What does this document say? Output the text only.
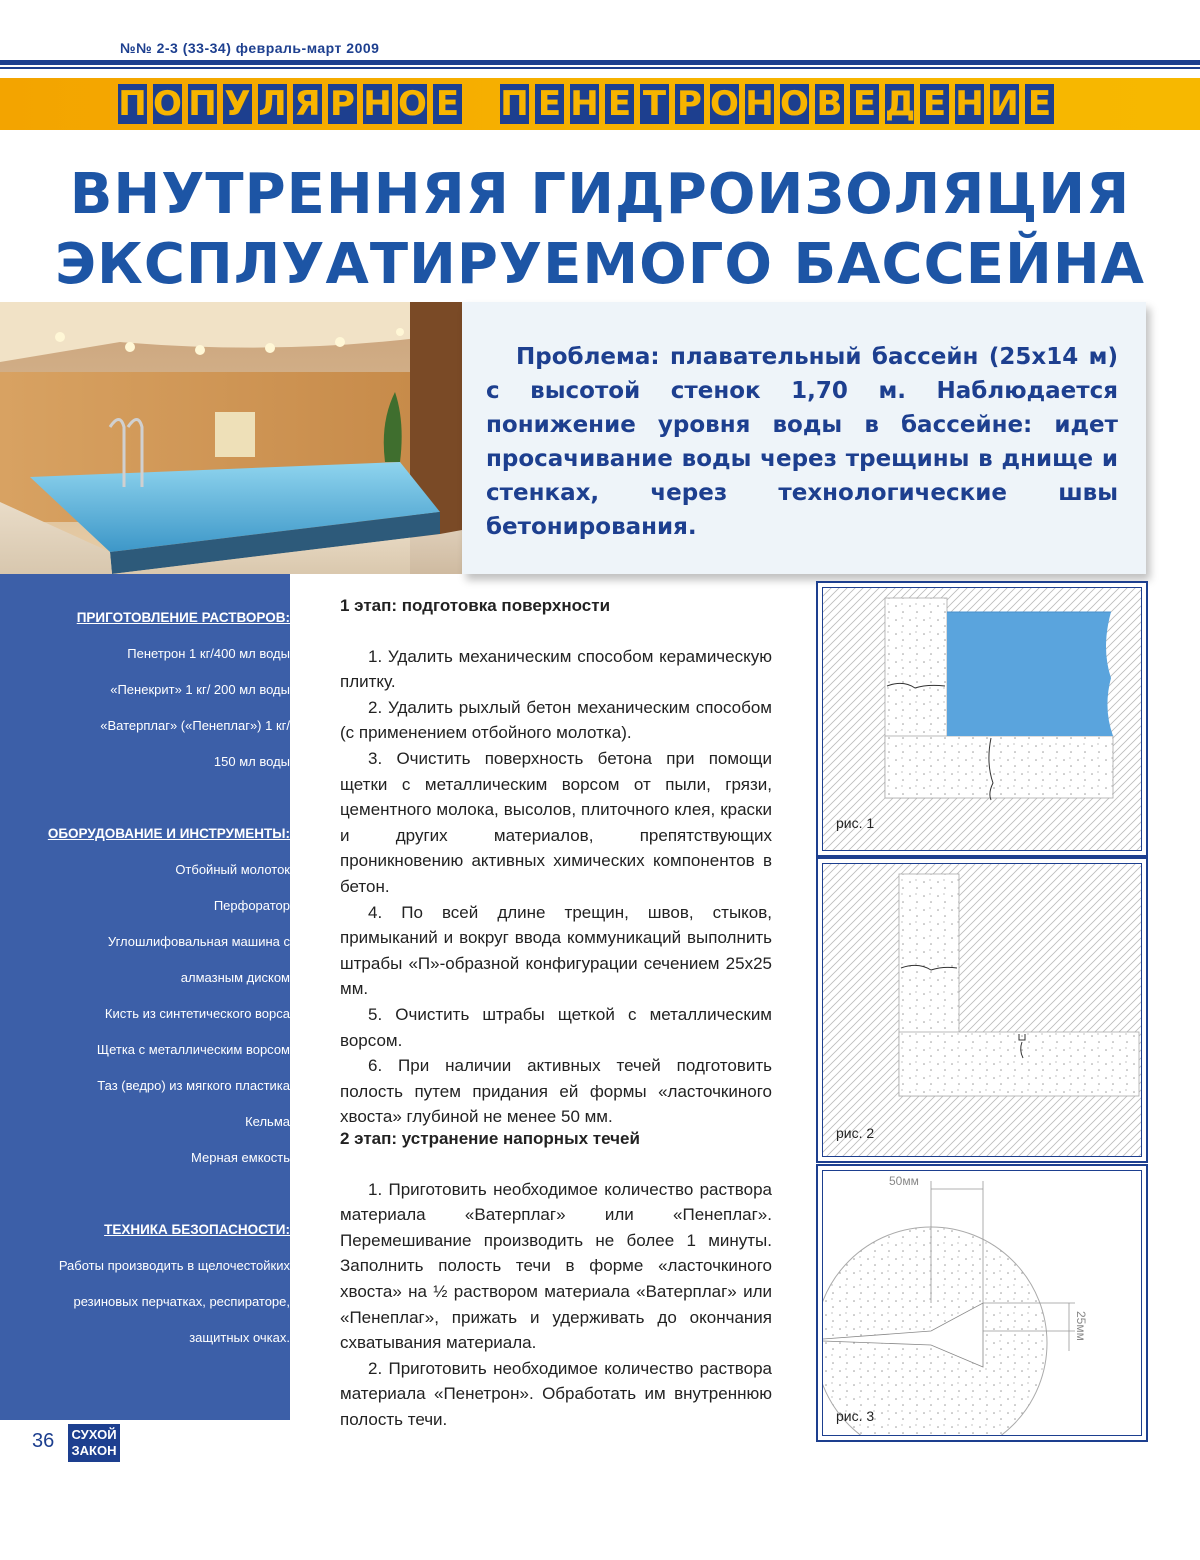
№№ 2-3 (33-34) февраль-март 2009
П О П У Л Я Р Н О Е П Е Н Е Т Р О Н О В Е Д Е Н И Е
ВНУТРЕННЯЯ ГИДРОИЗОЛЯЦИЯ
ЭКСПЛУАТИРУЕМОГО БАССЕЙНА
Проблема: плавательный бассейн (25x14 м) с высотой стенок 1,70 м. Наблюдается понижение уровня воды в бассейне: идет просачивание воды через трещины в днище и стенках, через технологические швы бетонирования.
ПРИГОТОВЛЕНИЕ РАСТВОРОВ:
Пенетрон 1 кг/400 мл воды
«Пенекрит» 1 кг/ 200 мл воды
«Ватерплаг» («Пенеплаг») 1 кг/
150 мл воды
ОБОРУДОВАНИЕ И ИНСТРУМЕНТЫ:
Отбойный молоток
Перфоратор
Углошлифовальная машина с
алмазным диском
Кисть из синтетического ворса
Щетка с металлическим ворсом
Таз (ведро) из мягкого пластика
Кельма
Мерная емкость
ТЕХНИКА БЕЗОПАСНОСТИ:
Работы производить в щелочестойких
резиновых перчатках, респираторе,
защитных очках.
1 этап: подготовка поверхности

1. Удалить механическим способом керамическую плитку.

2. Удалить рыхлый бетон механическим способом (с применением отбойного молотка).

3. Очистить поверхность бетона при помощи щетки с металлическим ворсом от пыли, грязи, цементного молока, высолов, плиточного клея, краски и других материалов, препятствующих проникновению активных химических компонентов в бетон.

4. По всей длине трещин, швов, стыков, примыканий и вокруг ввода коммуникаций выполнить штрабы «П»-образной конфигурации сечением 25x25 мм.

5. Очистить штрабы щеткой с металлическим ворсом.

6. При наличии активных течей подготовить полость путем придания ей формы «ласточкиного хвоста» глубиной не менее 50 мм.

2 этап: устранение напорных течей

1. Приготовить необходимое количество раствора материала «Ватерплаг» или «Пенеплаг». Перемешивание производить не более 1 минуты. Заполнить полость течи в форме «ласточкиного хвоста» на ½ раствором материала «Ватерплаг» или «Пенеплаг», прижать и удерживать до окончания схватывания материала.

2. Приготовить необходимое количество раствора материала «Пенетрон». Обработать им внутреннюю полость течи.

рис. 1
рис. 2
50мм
25мм
рис. 3
36 СУХОЙ
ЗАКОН
